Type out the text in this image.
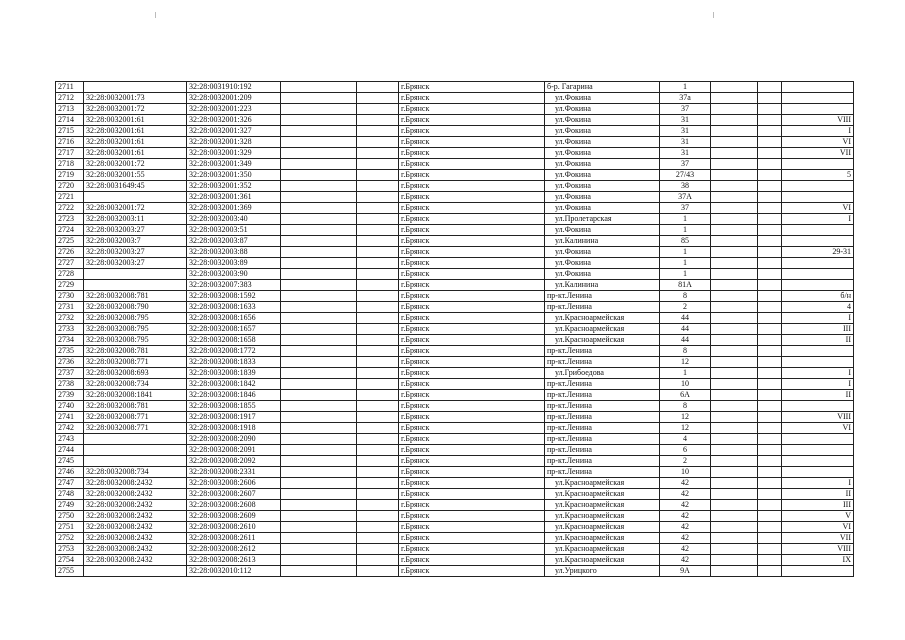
2711		32:28:0031910:192			г.Брянск	б-р. Гагарина	1			
2712	32:28:0032001:73	32:28:0032001:209			г.Брянск	ул.Фокина	37а			
2713	32:28:0032001:72	32:28:0032001:223			г.Брянск	ул.Фокина	37			
2714	32:28:0032001:61	32:28:0032001:326			г.Брянск	ул.Фокина	31			VIII
2715	32:28:0032001:61	32:28:0032001:327			г.Брянск	ул.Фокина	31			I
2716	32:28:0032001:61	32:28:0032001:328			г.Брянск	ул.Фокина	31			VI
2717	32:28:0032001:61	32:28:0032001:329			г.Брянск	ул.Фокина	31			VII
2718	32:28:0032001:72	32:28:0032001:349			г.Брянск	ул.Фокина	37			
2719	32:28:0032001:55	32:28:0032001:350			г.Брянск	ул.Фокина	27/43			5
2720	32:28:0031649:45	32:28:0032001:352			г.Брянск	ул.Фокина	38			
2721		32:28:0032001:361			г.Брянск	ул.Фокина	37А			
2722	32:28:0032001:72	32:28:0032001:369			г.Брянск	ул.Фокина	37			VI
2723	32:28:0032003:11	32:28:0032003:40			г.Брянск	ул.Пролетарская	1			I
2724	32:28:0032003:27	32:28:0032003:51			г.Брянск	ул.Фокина	1			
2725	32:28:0032003:7	32:28:0032003:87			г.Брянск	ул.Калинина	85			
2726	32:28:0032003:27	32:28:0032003:88			г.Брянск	ул.Фокина	1			29-31
2727	32:28:0032003:27	32:28:0032003:89			г.Брянск	ул.Фокина	1			
2728		32:28:0032003:90			г.Брянск	ул.Фокина	1			
2729		32:28:0032007:383			г.Брянск	ул.Калинина	81А			
2730	32:28:0032008:781	32:28:0032008:1592			г.Брянск	пр-кт.Ленина	8			б/н
2731	32:28:0032008:790	32:28:0032008:1633			г.Брянск	пр-кт.Ленина	2			4
2732	32:28:0032008:795	32:28:0032008:1656			г.Брянск	ул.Красноармейская	44			I
2733	32:28:0032008:795	32:28:0032008:1657			г.Брянск	ул.Красноармейская	44			III
2734	32:28:0032008:795	32:28:0032008:1658			г.Брянск	ул.Красноармейская	44			II
2735	32:28:0032008:781	32:28:0032008:1772			г.Брянск	пр-кт.Ленина	8			
2736	32:28:0032008:771	32:28:0032008:1833			г.Брянск	пр-кт.Ленина	12			
2737	32:28:0032008:693	32:28:0032008:1839			г.Брянск	ул.Грибоедова	1			I
2738	32:28:0032008:734	32:28:0032008:1842			г.Брянск	пр-кт.Ленина	10			I
2739	32:28:0032008:1841	32:28:0032008:1846			г.Брянск	пр-кт.Ленина	6А			II
2740	32:28:0032008:781	32:28:0032008:1855			г.Брянск	пр-кт.Ленина	8			
2741	32:28:0032008:771	32:28:0032008:1917			г.Брянск	пр-кт.Ленина	12			VIII
2742	32:28:0032008:771	32:28:0032008:1918			г.Брянск	пр-кт.Ленина	12			VI
2743		32:28:0032008:2090			г.Брянск	пр-кт.Ленина	4			
2744		32:28:0032008:2091			г.Брянск	пр-кт.Ленина	6			
2745		32:28:0032008:2092			г.Брянск	пр-кт.Ленина	2			
2746	32:28:0032008:734	32:28:0032008:2331			г.Брянск	пр-кт.Ленина	10			
2747	32:28:0032008:2432	32:28:0032008:2606			г.Брянск	ул.Красноармейская	42			I
2748	32:28:0032008:2432	32:28:0032008:2607			г.Брянск	ул.Красноармейская	42			II
2749	32:28:0032008:2432	32:28:0032008:2608			г.Брянск	ул.Красноармейская	42			III
2750	32:28:0032008:2432	32:28:0032008:2609			г.Брянск	ул.Красноармейская	42			V
2751	32:28:0032008:2432	32:28:0032008:2610			г.Брянск	ул.Красноармейская	42			VI
2752	32:28:0032008:2432	32:28:0032008:2611			г.Брянск	ул.Красноармейская	42			VII
2753	32:28:0032008:2432	32:28:0032008:2612			г.Брянск	ул.Красноармейская	42			VIII
2754	32:28:0032008:2432	32:28:0032008:2613			г.Брянск	ул.Красноармейская	42			IX
2755		32:28:0032010:112			г.Брянск	ул.Урицкого	9А			
